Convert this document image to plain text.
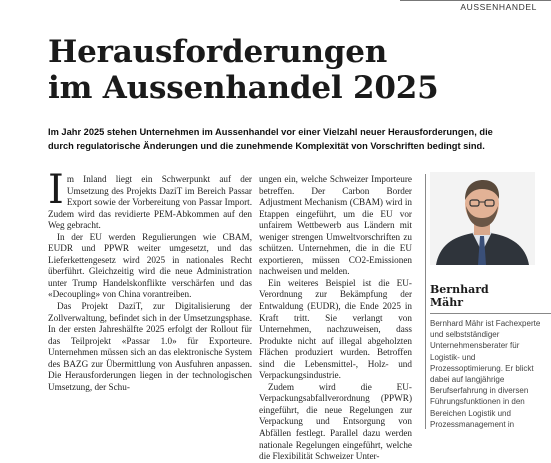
AUSSENHANDEL
Herausforderungen
im Aussenhandel 2025

Im Jahr 2025 stehen Unternehmen im Aussenhandel vor einer Vielzahl neuer Herausforderungen, die durch regulatorische Änderungen und die zunehmende Komplexität von Vorschriften bedingt sind.

Im Inland liegt ein Schwerpunkt auf der Umsetzung des Projekts DaziT im Bereich Passar Export sowie der Vorbereitung von Passar Import. Zudem wird das revidierte PEM-Abkommen auf den Weg gebracht.

In der EU werden Regulierungen wie CBAM, EUDR und PPWR weiter umgesetzt, und das Lieferkettengesetz wird 2025 in nationales Recht überführt. Gleichzeitig wird die neue Administration unter Trump Handelskonflikte verschärfen und das «Decoupling» von China vorantreiben.

Das Projekt DaziT, zur Digitalisierung der Zollverwaltung, befindet sich in der Umsetzungsphase. In der ersten Jahreshälfte 2025 erfolgt der Rollout für das Teilprojekt «Passar 1.0» für Exporteure. Unternehmen müssen sich an das elektronische System des BAZG zur Übermittlung von Ausfuhren anpassen. Die Herausforderungen liegen in der technologischen Umsetzung, der Schu-

ungen ein, welche Schweizer Importeure betreffen. Der Carbon Border Adjustment Mechanism (CBAM) wird in Etappen eingeführt, um die EU vor unfairem Wettbewerb aus Ländern mit weniger strengen Umweltvorschriften zu schützen. Unternehmen, die in die EU exportieren, müssen CO2-Emissionen nachweisen und melden.

Ein weiteres Beispiel ist die EU-Verordnung zur Bekämpfung der Entwaldung (EUDR), die Ende 2025 in Kraft tritt. Sie verlangt von Unternehmen, nachzuweisen, dass Produkte nicht auf illegal abgeholzten Flächen produziert wurden. Betroffen sind die Lebensmittel-, Holz- und Verpackungsindustrie.

Zudem wird die EU-Verpackungsabfallverordnung (PPWR) eingeführt, die neue Regelungen zur Verpackung und Entsorgung von Abfällen festlegt. Parallel dazu werden nationale Regelungen eingeführt, welche die Flexibilität Schweizer Unter-

Bernhard
Mähr

Bernhard Mähr ist Fachexperte und selbstständiger Unternehmensberater für Logistik- und Prozessoptimierung. Er blickt dabei auf langjährige Berufserfahrung in diversen Führungsfunktionen in den Bereichen Logistik und Prozessmanagement in
